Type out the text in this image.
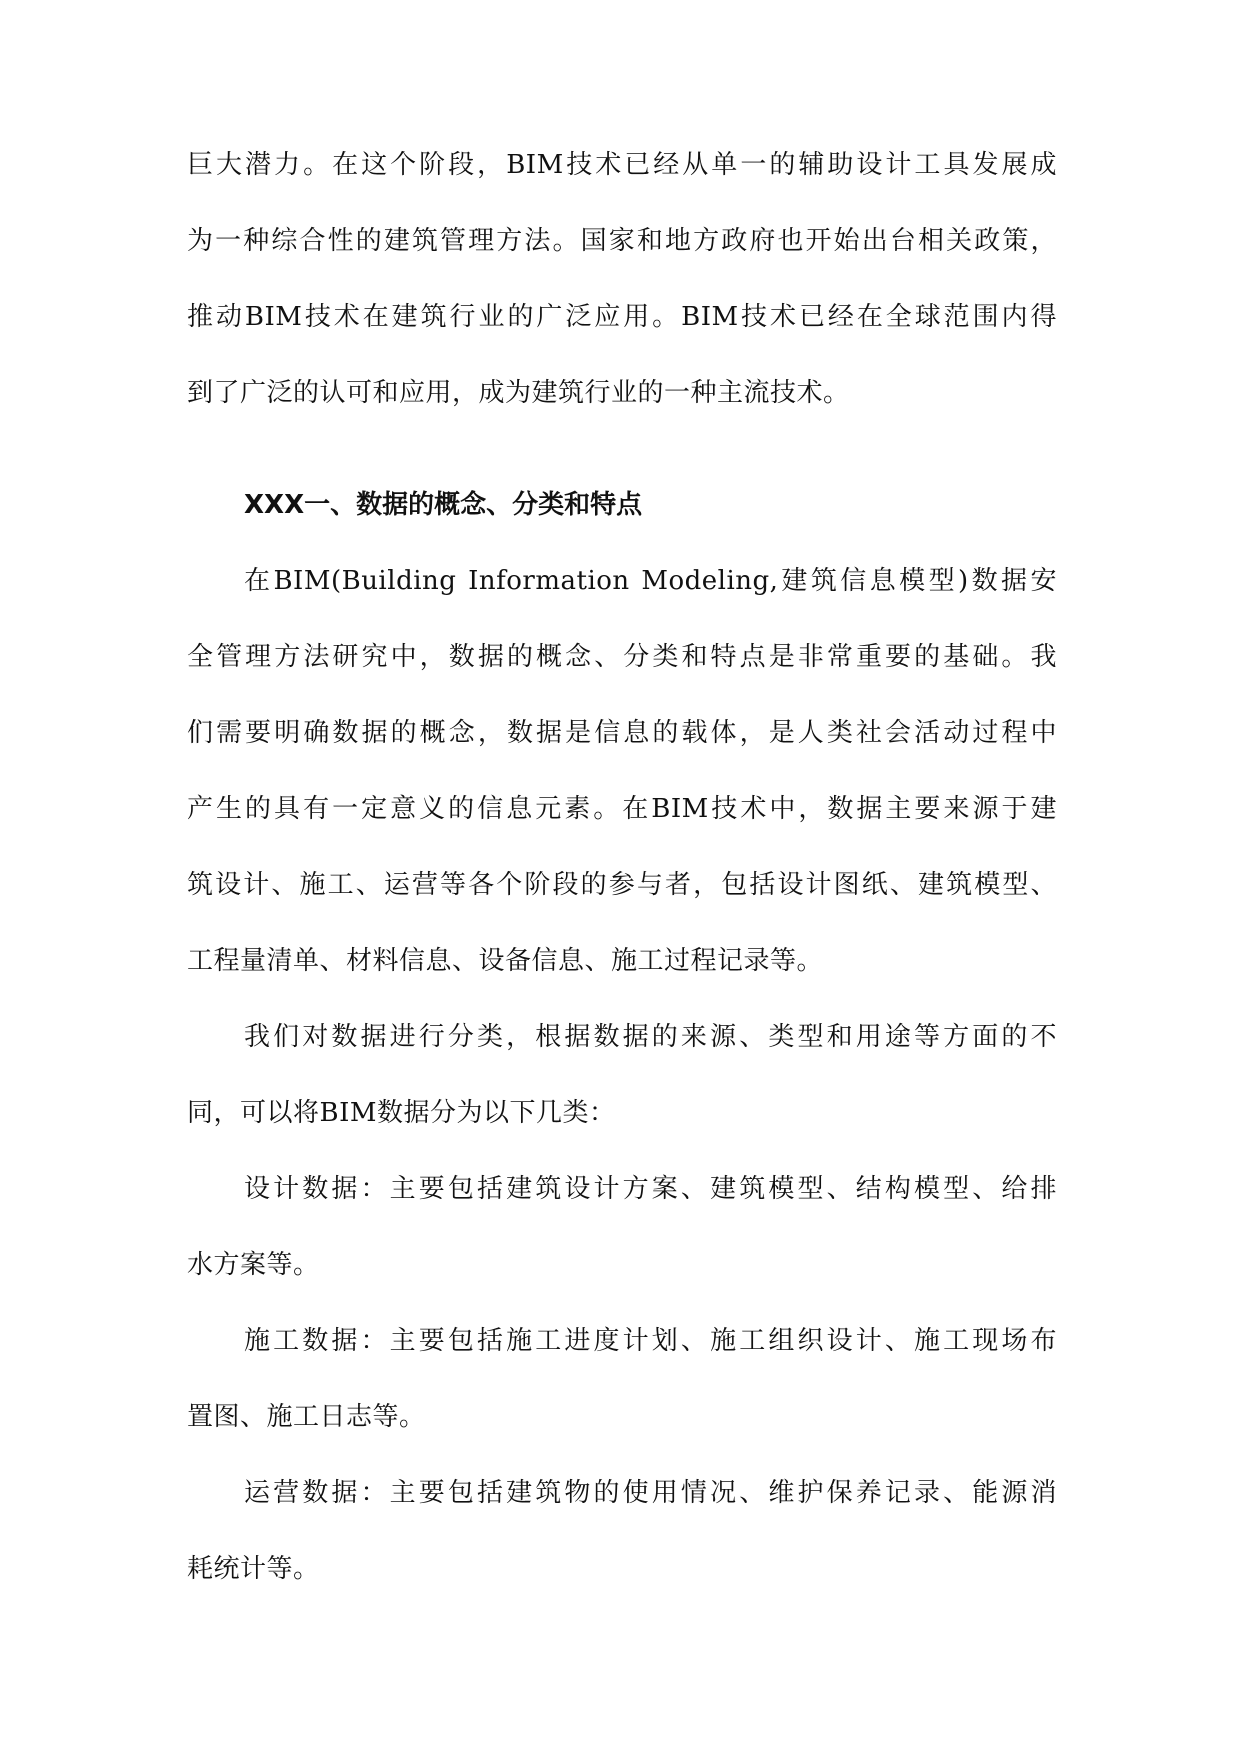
巨大潜力。在这个阶段，BIM技术已经从单一的辅助设计工具发展成
为一种综合性的建筑管理方法。国家和地方政府也开始出台相关政策，
推动BIM技术在建筑行业的广泛应用。BIM技术已经在全球范围内得
到了广泛的认可和应用，成为建筑行业的一种主流技术。
XXX一、数据的概念、分类和特点
在BIM(Building Information Modeling,建筑信息模型)数据安
全管理方法研究中，数据的概念、分类和特点是非常重要的基础。我
们需要明确数据的概念，数据是信息的载体，是人类社会活动过程中
产生的具有一定意义的信息元素。在BIM技术中，数据主要来源于建
筑设计、施工、运营等各个阶段的参与者，包括设计图纸、建筑模型、
工程量清单、材料信息、设备信息、施工过程记录等。
我们对数据进行分类，根据数据的来源、类型和用途等方面的不
同，可以将BIM数据分为以下几类：
设计数据：主要包括建筑设计方案、建筑模型、结构模型、给排
水方案等。
施工数据：主要包括施工进度计划、施工组织设计、施工现场布
置图、施工日志等。
运营数据：主要包括建筑物的使用情况、维护保养记录、能源消
耗统计等。
